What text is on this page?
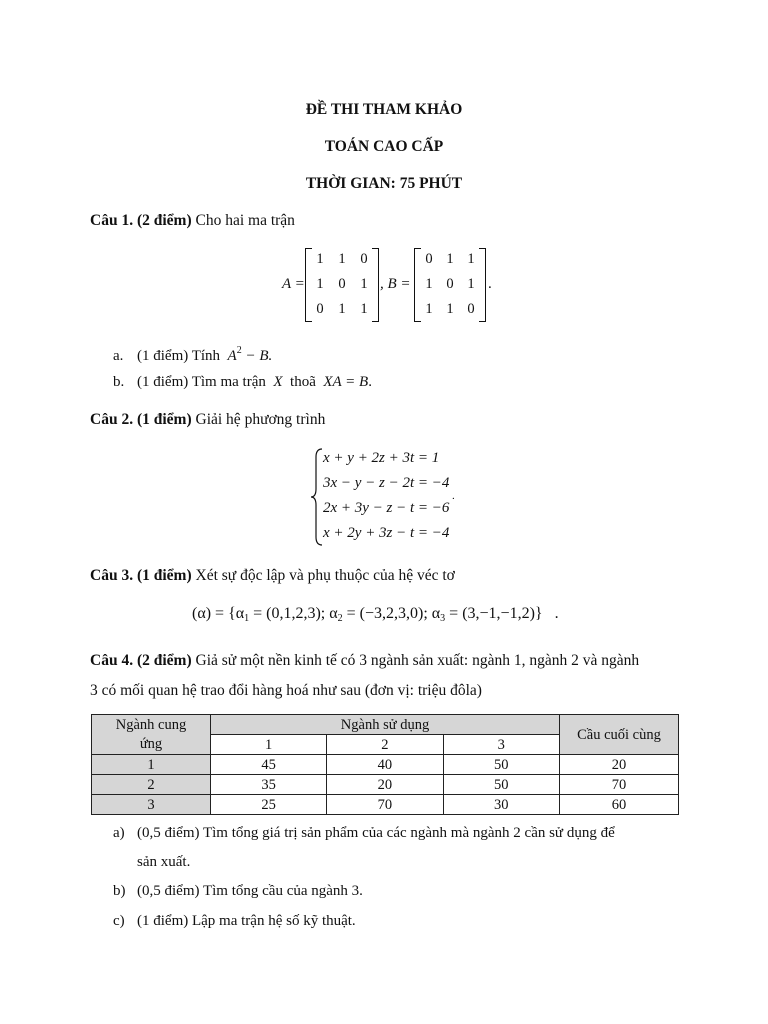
ĐỀ THI THAM KHẢO
TOÁN CAO CẤP
THỜI GIAN: 75 PHÚT
Câu 1. (2 điểm) Cho hai ma trận
A =
1	1	0
1	0	1
0	1	1
, B =
0 1 1
1 0 1
1 1 0
.
a. (1 điểm) Tính $A^2 - B$.
b. (1 điểm) Tìm ma trận X thoã XA = B.
Câu 2. (1 điểm) Giải hệ phương trình
x + y + 2z + 3t = 1
3x − y − z − 2t = −4
2x + 3y − z − t = −6
x + 2y + 3z − t = −4
.
Câu 3. (1 điểm) Xét sự độc lập và phụ thuộc của hệ véc tơ
$(\alpha) = \{\alpha_1 = (0,1,2,3)$; $\alpha_2 = (-3,2,3,0)$; $\alpha_3 = (3,-1,-1,2)$} .
Câu 4. (2 điểm) Giả sử một nền kinh tế có 3 ngành sản xuất: ngành 1, ngành 2 và ngành
3 có mối quan hệ trao đổi hàng hoá như sau (đơn vị: triệu đôla)
Ngành cung
ứng	Ngành sử dụng			Cầu cuối cùng
	1	2	3	
1	45	40	50	20
2	35	20	50	70
3	25	70	30	60
a) (0,5 điểm) Tìm tổng giá trị sản phẩm của các ngành mà ngành 2 cần sử dụng để
sản xuất.
b) (0,5 điểm) Tìm tổng cầu của ngành 3.
c) (1 điểm) Lập ma trận hệ số kỹ thuật.
